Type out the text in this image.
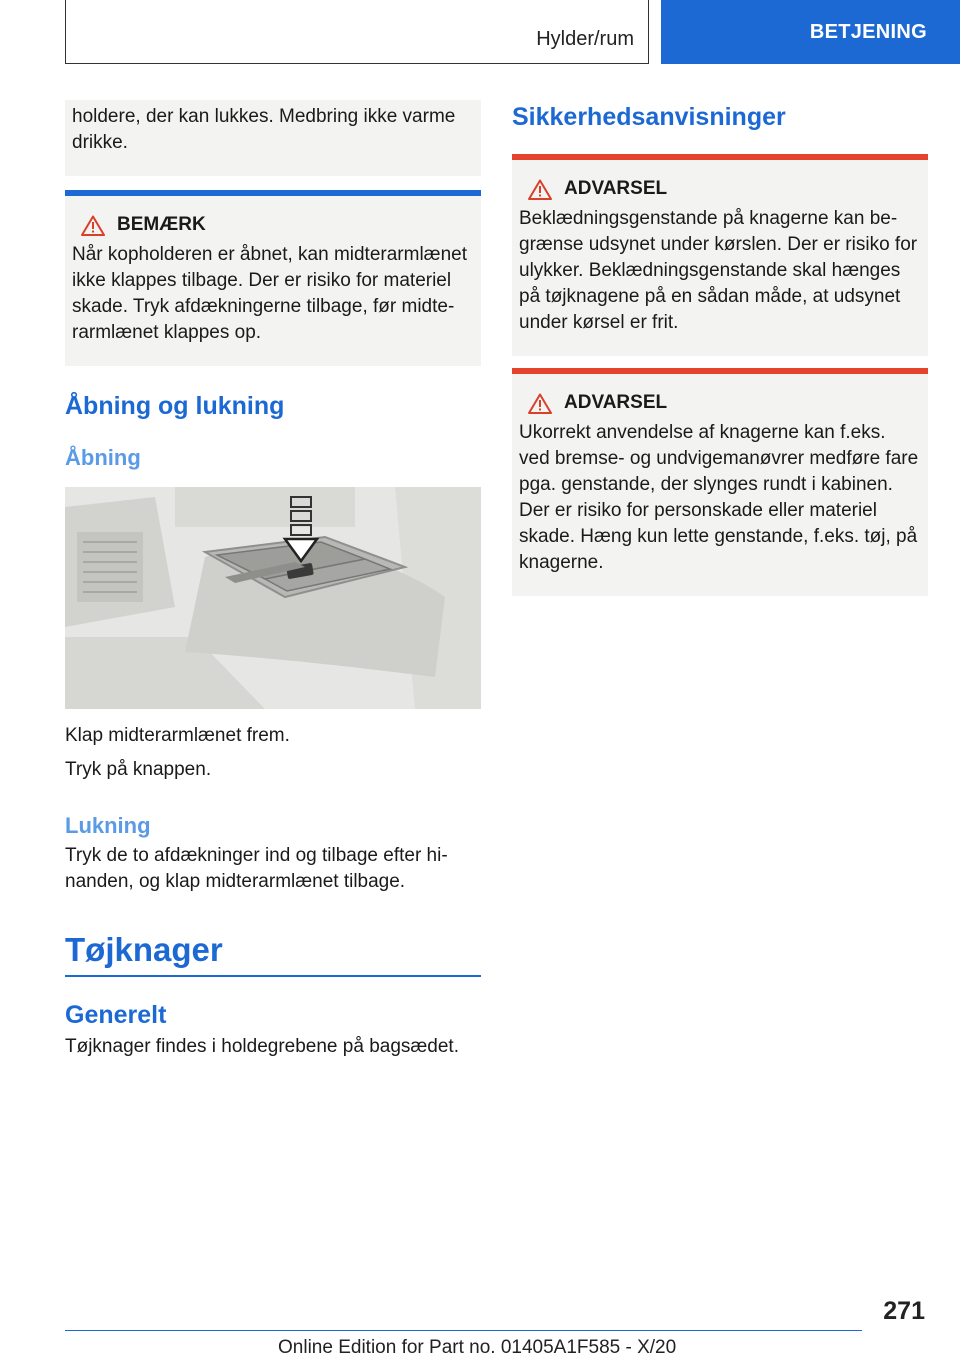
Hylder/rum	BETJENING

holdere, der kan lukkes. Medbring ikke varme drikke.

BEMÆRK

Når kopholderen er åbnet, kan midterarmlænet ikke klappes tilbage. Der er risiko for materiel skade. Tryk afdækningerne tilbage, før midterarmlænet klappes op.

Åbning og lukning
Åbning

Klap midterarmlænet frem.

Tryk på knappen.

Lukning

Tryk de to afdækninger ind og tilbage efter hinanden, og klap midterarmlænet tilbage.

Tøjknager
Generelt

Tøjknager findes i holdegrebene på bagsædet.

Sikkerhedsanvisninger
ADVARSEL

Beklædningsgenstande på knagerne kan begrænse udsynet under kørslen. Der er risiko for ulykker. Beklædningsgenstande skal hænges på tøjknagene på en sådan måde, at udsynet under kørsel er frit.

ADVARSEL

Ukorrekt anvendelse af knagerne kan f.eks. ved bremse- og undvigemanøvrer medføre fare pga. genstande, der slynges rundt i kabinen. Der er risiko for personskade eller materiel skade. Hæng kun lette genstande, f.eks. tøj, på knagerne.

271
Online Edition for Part no. 01405A1F585 - X/20
